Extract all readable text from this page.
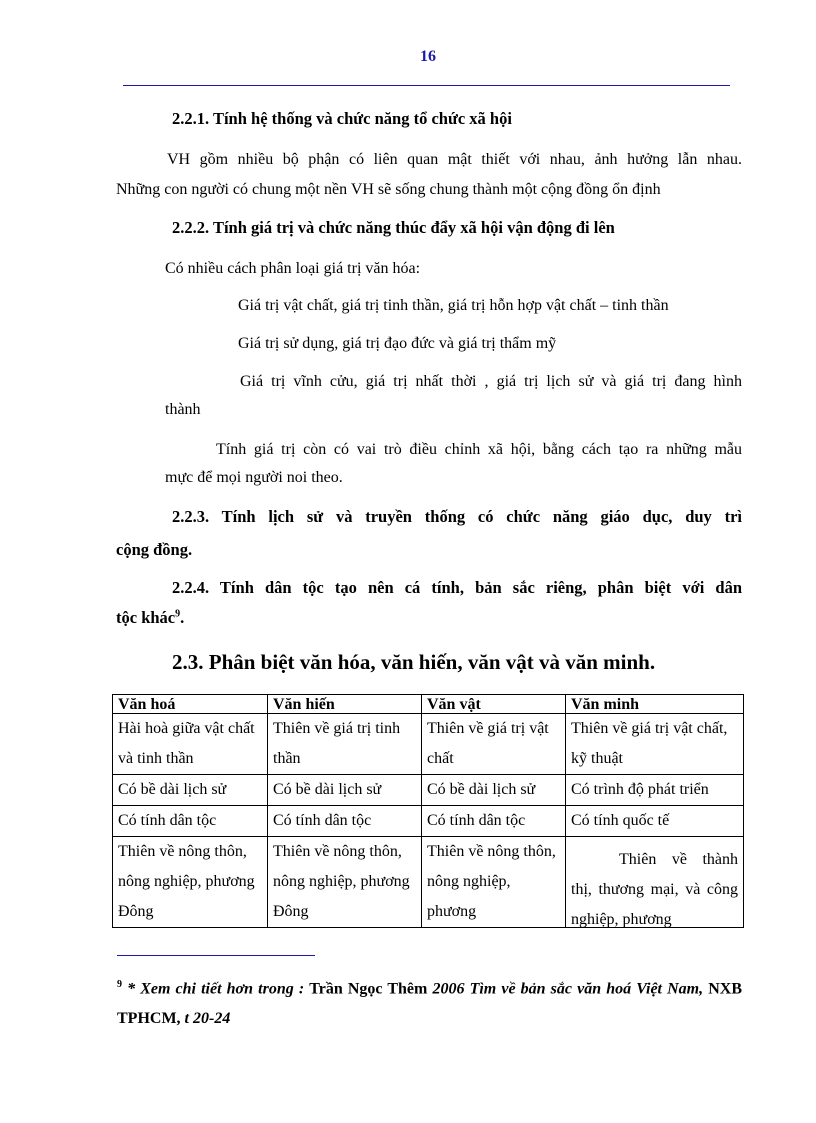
16
2.2.1. Tính hệ thống và chức năng tổ chức xã hội
VH gồm nhiều bộ phận có liên quan mật thiết với nhau, ảnh hưởng lẫn nhau.
Những con người có chung một nền VH sẽ sống chung thành một cộng đồng ổn định
2.2.2. Tính giá trị và chức năng thúc đẩy xã hội vận động đi lên
Có nhiều cách phân loại giá trị văn hóa:
Giá trị vật chất, giá trị tinh thần, giá trị hỗn hợp vật chất – tinh thần
Giá trị sử dụng, giá trị đạo đức và giá trị thẩm mỹ
Giá trị vĩnh cửu, giá trị nhất thời , giá trị lịch sử và giá trị đang hình
thành
Tính giá trị còn có vai trò điều chỉnh xã hội, bằng cách tạo ra những mẫu
mực để mọi người noi theo.
2.2.3. Tính lịch sử và truyền thống có chức năng giáo dục, duy trì
cộng đồng.
2.2.4. Tính dân tộc tạo nên cá tính, bản sắc riêng, phân biệt với dân
tộc khác$^9$.
2.3. Phân biệt văn hóa, văn hiến, văn vật và văn minh.
Văn hoá	Văn hiến	Văn vật	Văn minh
Hài hoà giữa vật chất và tinh thần	Thiên về giá trị tinh thần	Thiên về giá trị vật chất	Thiên về giá trị vật chất, kỹ thuật
Có bề dài lịch sử	Có bề dài lịch sử	Có bề dài lịch sử	Có trình độ phát triển
Có tính dân tộc	Có tính dân tộc	Có tính dân tộc	Có tính quốc tế

Thiên về nông thôn, nông nghiệp, phương Đông	Thiên về nông thôn, nông nghiệp, phương Đông	Thiên về nông thôn, nông nghiệp, phương	Thiên về thành thị, thương mại, và công nghiệp, phương
$^9$ * Xem chi tiết hơn trong : Trần Ngọc Thêm 2006 Tìm về bản sắc văn hoá Việt Nam, NXB TPHCM, t 20-24
